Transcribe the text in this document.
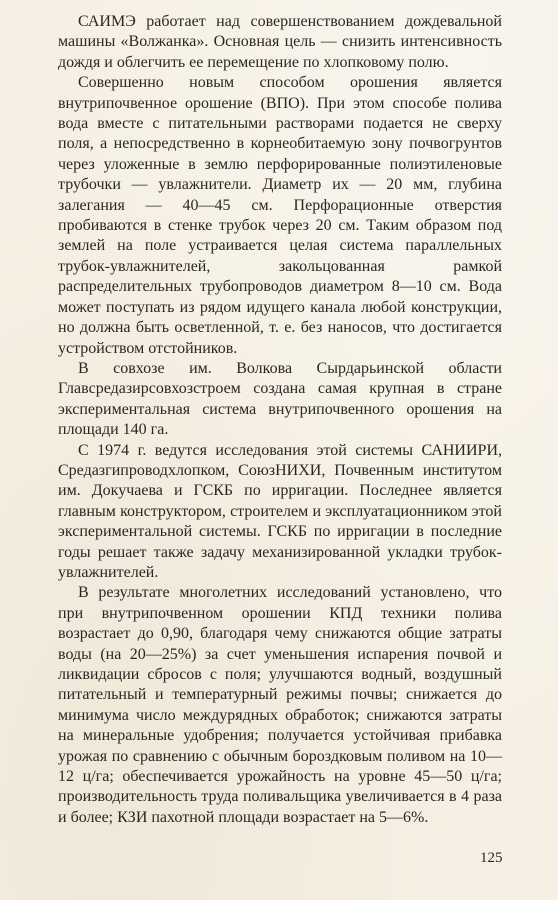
САИМЭ работает над совершенствованием дождевальной машины «Волжанка». Основная цель — снизить интенсивность дождя и облегчить ее перемещение по хлопковому полю.

Совершенно новым способом орошения является внутрипочвенное орошение (ВПО). При этом способе полива вода вместе с питательными растворами подается не сверху поля, а непосредственно в корнеобитаемую зону почвогрунтов через уложенные в землю перфорированные полиэтиленовые трубочки — увлажнители. Диаметр их — 20 мм, глубина залегания — 40—45 см. Перфорационные отверстия пробиваются в стенке трубок через 20 см. Таким образом под землей на поле устраивается целая система параллельных трубок-увлажнителей, закольцованная рамкой распределительных трубопроводов диаметром 8—10 см. Вода может поступать из рядом идущего канала любой конструкции, но должна быть осветленной, т. е. без наносов, что достигается устройством отстойников.

В совхозе им. Волкова Сырдарьинской области Главсредазирсовхозстроем создана самая крупная в стране экспериментальная система внутрипочвенного орошения на площади 140 га.

С 1974 г. ведутся исследования этой системы САНИИРИ, Средазгипроводхлопком, СоюзНИХИ, Почвенным институтом им. Докучаева и ГСКБ по ирригации. Последнее является главным конструктором, строителем и эксплуатационником этой экспериментальной системы. ГСКБ по ирригации в последние годы решает также задачу механизированной укладки трубок-увлажнителей.

В результате многолетних исследований установлено, что при внутрипочвенном орошении КПД техники полива возрастает до 0,90, благодаря чему снижаются общие затраты воды (на 20—25%) за счет уменьшения испарения почвой и ликвидации сбросов с поля; улучшаются водный, воздушный питательный и температурный режимы почвы; снижается до минимума число междурядных обработок; снижаются затраты на минеральные удобрения; получается устойчивая прибавка урожая по сравнению с обычным бороздковым поливом на 10—12 ц/га; обеспечивается урожайность на уровне 45—50 ц/га; производительность труда поливальщика увеличивается в 4 раза и более; КЗИ пахотной площади возрастает на 5—6%.

125
